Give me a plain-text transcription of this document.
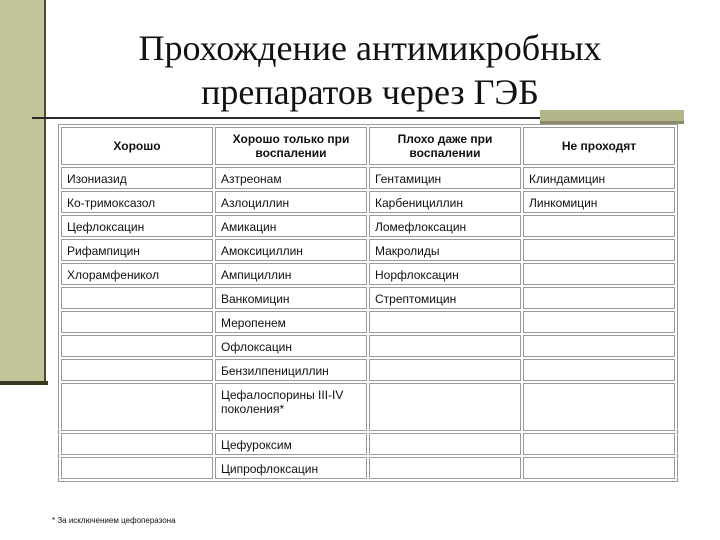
Прохождение антимикробных
препаратов через ГЭБ
Хорошо	Хорошо только при воспалении	Плохо даже при воспалении	Не проходят
Изониазид	Азтреонам	Гентамицин	Клиндамицин
Ко-тримоксазол	Азлоциллин	Карбенициллин	Линкомицин
Цефлоксацин	Амикацин	Ломефлоксацин	
Рифампицин	Амоксициллин	Макролиды	
Хлорамфеникол	Ампициллин	Норфлоксацин	
	Ванкомицин	Стрептомицин	
	Меропенем		
	Офлоксацин		
	Бензилпенициллин		
	Цефалоспорины III-IV поколения*		
	Цефуроксим		
	Ципрофлоксацин		
* За исключением цефоперазона
